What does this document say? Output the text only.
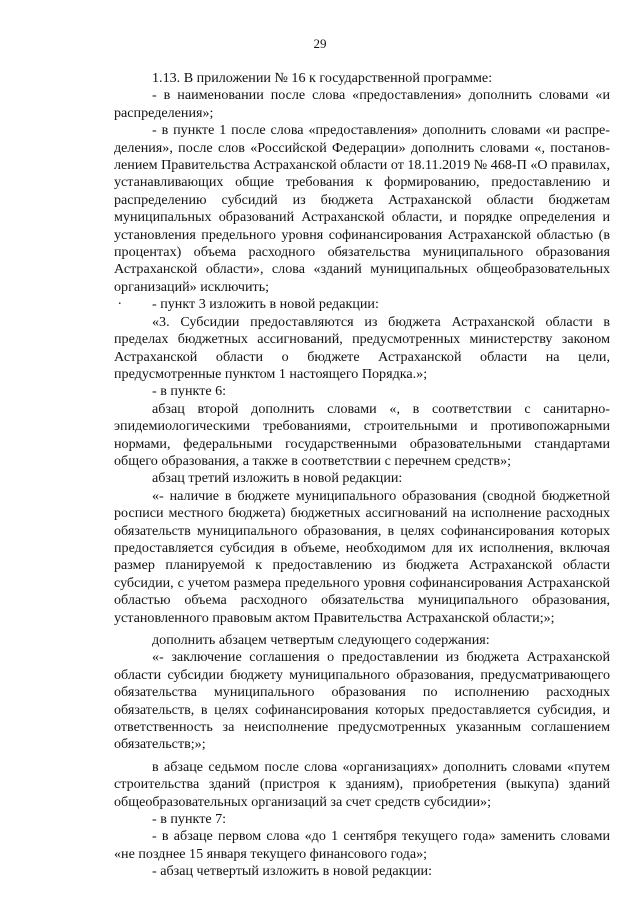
29
.

1.13. В приложении № 16 к государственной программе:

- в наименовании после слова «предоставления» дополнить словами «и распределения»;

- в пункте 1 после слова «предоставления» дополнить словами «и распре-деления», после слов «Российской Федерации» дополнить словами «, постанов-лением Правительства Астраханской области от 18.11.2019 № 468-П «О правилах, устанавливающих общие требования к формированию, предоставлению и распределению субсидий из бюджета Астраханской области бюджетам муниципальных образований Астраханской области, и порядке определения и установления предельного уровня софинансирования Астраханской областью (в процентах) объема расходного обязательства муниципального образования Астраханской области», слова «зданий муниципальных общеобразовательных организаций» исключить;

- пункт 3 изложить в новой редакции:

«3. Субсидии предоставляются из бюджета Астраханской области в пределах бюджетных ассигнований, предусмотренных министерству законом Астраханской области о бюджете Астраханской области на цели, предусмотренные пунктом 1 настоящего Порядка.»;

- в пункте 6:

абзац второй дополнить словами «, в соответствии с санитарно-эпидемиологическими требованиями, строительными и противопожарными нормами, федеральными государственными образовательными стандартами общего образования, а также в соответствии с перечнем средств»;

абзац третий изложить в новой редакции:

«- наличие в бюджете муниципального образования (сводной бюджетной росписи местного бюджета) бюджетных ассигнований на исполнение расходных обязательств муниципального образования, в целях софинансирования которых предоставляется субсидия в объеме, необходимом для их исполнения, включая размер планируемой к предоставлению из бюджета Астраханской области субсидии, с учетом размера предельного уровня софинансирования Астраханской областью объема расходного обязательства муниципального образования, установленного правовым актом Правительства Астраханской области;»;

дополнить абзацем четвертым следующего содержания:

«- заключение соглашения о предоставлении из бюджета Астраханской области субсидии бюджету муниципального образования, предусматривающего обязательства муниципального образования по исполнению расходных обязательств, в целях софинансирования которых предоставляется субсидия, и ответственность за неисполнение предусмотренных указанным соглашением обязательств;»;

в абзаце седьмом после слова «организациях» дополнить словами «путем строительства зданий (пристроя к зданиям), приобретения (выкупа) зданий общеобразовательных организаций за счет средств субсидии»;

- в пункте 7:

- в абзаце первом слова «до 1 сентября текущего года» заменить словами «не позднее 15 января текущего финансового года»;

- абзац четвертый изложить в новой редакции:
